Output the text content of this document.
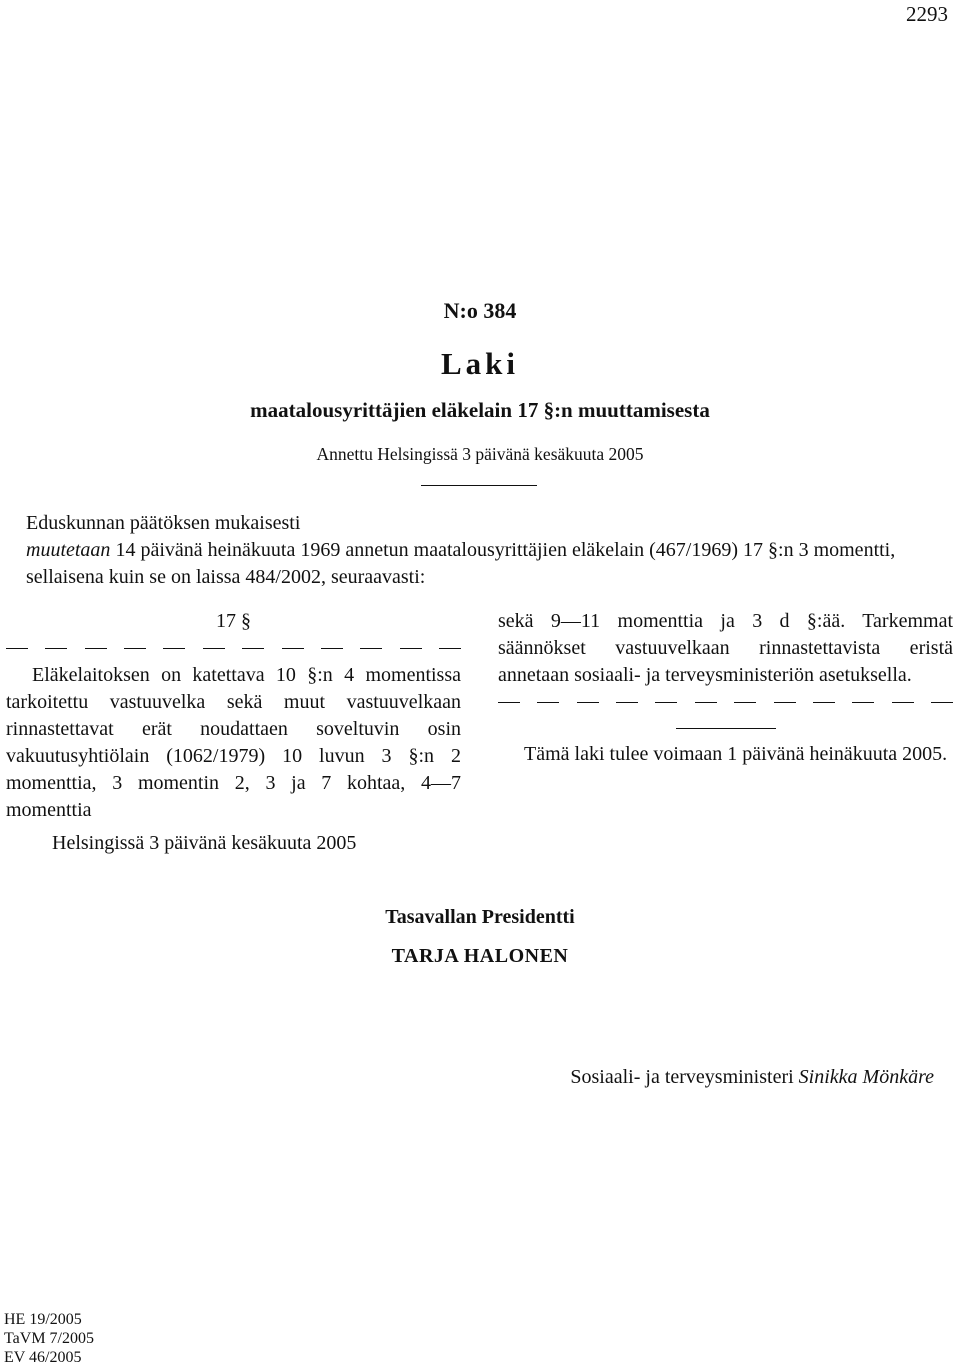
2293
N:o 384
Laki
maatalousyrittäjien eläkelain 17 §:n muuttamisesta
Annettu Helsingissä 3 päivänä kesäkuuta 2005

Eduskunnan päätöksen mukaisesti

muutetaan 14 päivänä heinäkuuta 1969 annetun maatalousyrittäjien eläkelain (467/1969) 17 §:n 3 momentti, sellaisena kuin se on laissa 484/2002, seuraavasti:

17 §

Eläkelaitoksen on katettava 10 §:n 4 momentissa tarkoitettu vastuuvelka sekä muut vastuuvelkaan rinnastettavat erät noudattaen soveltuvin osin vakuutusyhtiölain (1062/1979) 10 luvun 3 §:n 2 momenttia, 3 momentin 2, 3 ja 7 kohtaa, 4—7 momenttia

sekä 9—11 momenttia ja 3 d §:ää. Tarkemmat säännökset vastuuvelkaan rinnastettavista eristä annetaan sosiaali- ja terveysministeriön asetuksella.

Tämä laki tulee voimaan 1 päivänä heinäkuuta 2005.

Helsingissä 3 päivänä kesäkuuta 2005
Tasavallan Presidentti
TARJA HALONEN
Sosiaali- ja terveysministeri Sinikka Mönkäre
HE 19/2005
TaVM 7/2005
EV 46/2005
